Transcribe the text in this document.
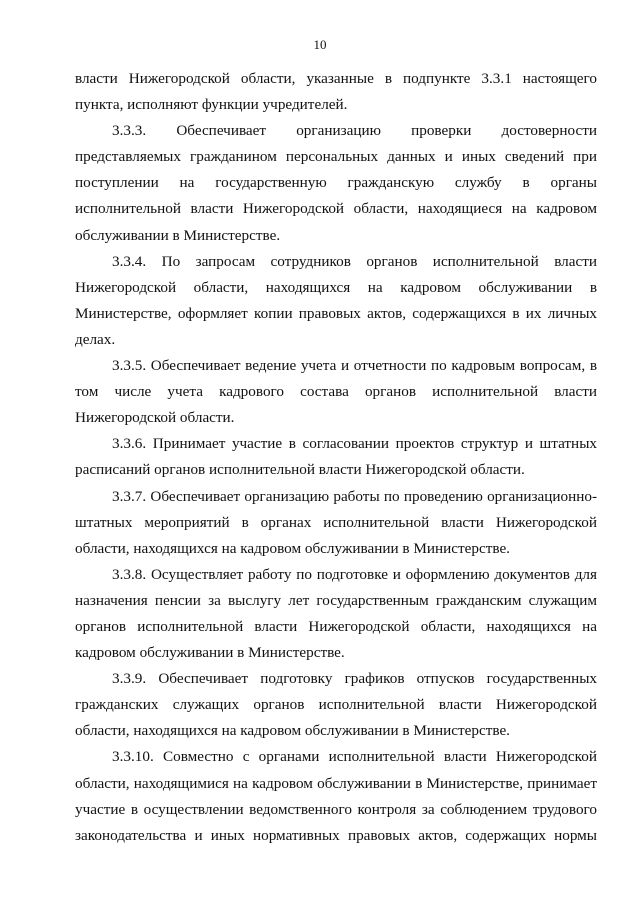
10

власти Нижегородской области, указанные в подпункте 3.3.1 настоящего пункта, исполняют функции учредителей.

3.3.3. Обеспечивает организацию проверки достоверности представляемых гражданином персональных данных и иных сведений при поступлении на государственную гражданскую службу в органы исполнительной власти Нижегородской области, находящиеся на кадровом обслуживании в Министерстве.

3.3.4. По запросам сотрудников органов исполнительной власти Нижегородской области, находящихся на кадровом обслуживании в Министерстве, оформляет копии правовых актов, содержащихся в их личных делах.

3.3.5. Обеспечивает ведение учета и отчетности по кадровым вопросам, в том числе учета кадрового состава органов исполнительной власти Нижегородской области.

3.3.6. Принимает участие в согласовании проектов структур и штатных расписаний органов исполнительной власти Нижегородской области.

3.3.7. Обеспечивает организацию работы по проведению организационно-штатных мероприятий в органах исполнительной власти Нижегородской области, находящихся на кадровом обслуживании в Министерстве.

3.3.8. Осуществляет работу по подготовке и оформлению документов для назначения пенсии за выслугу лет государственным гражданским служащим органов исполнительной власти Нижегородской области, находящихся на кадровом обслуживании в Министерстве.

3.3.9. Обеспечивает подготовку графиков отпусков государственных гражданских служащих органов исполнительной власти Нижегородской области, находящихся на кадровом обслуживании в Министерстве.

3.3.10. Совместно с органами исполнительной власти Нижегородской области, находящимися на кадровом обслуживании в Министерстве, принимает участие в осуществлении ведомственного контроля за соблюдением трудового законодательства и иных нормативных правовых актов, содержащих нормы
